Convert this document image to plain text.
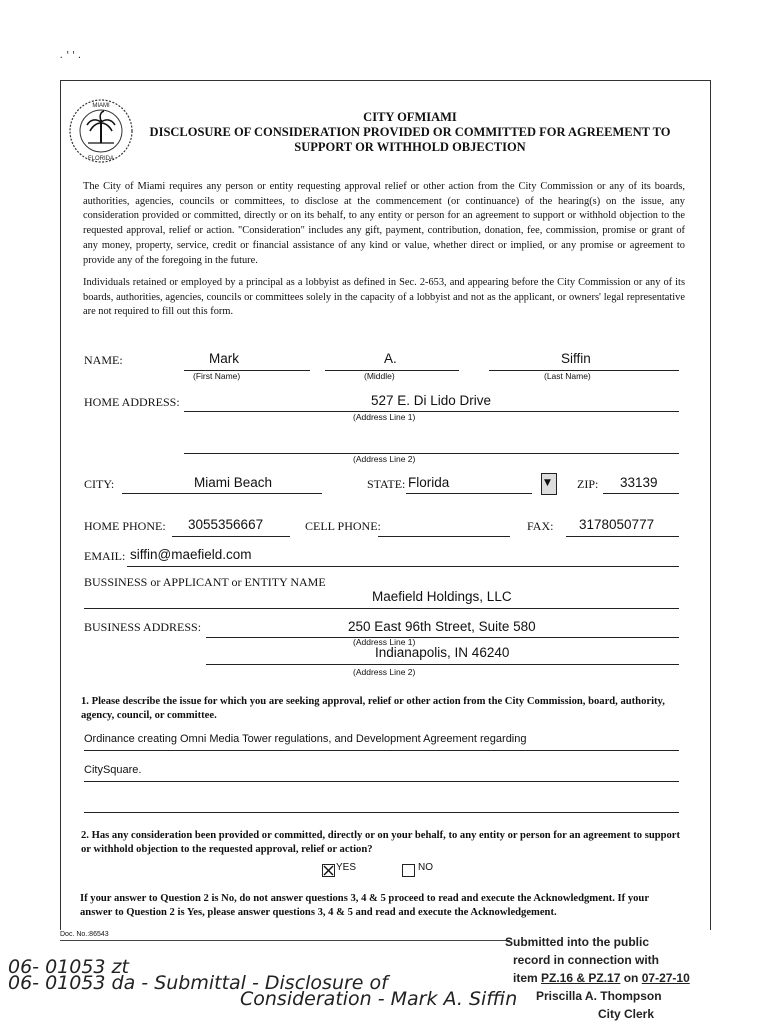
. ' ' .
MIAMI
FLORIDA
CITY OFMIAMI
DISCLOSURE OF CONSIDERATION PROVIDED OR COMMITTED FOR AGREEMENT TO
SUPPORT OR WITHHOLD OBJECTION
The City of Miami requires any person or entity requesting approval relief or other action from the City Commission or any of its boards, authorities, agencies, councils or committees, to disclose at the commencement (or continuance) of the hearing(s) on the issue, any consideration provided or committed, directly or on its behalf, to any entity or person for an agreement to support or withhold objection to the requested approval, relief or action. "Consideration" includes any gift, payment, contribution, donation, fee, commission, promise or grant of any money, property, service, credit or financial assistance of any kind or value, whether direct or implied, or any promise or agreement to provide any of the foregoing in the future.
Individuals retained or employed by a principal as a lobbyist as defined in Sec. 2-653, and appearing before the City Commission or any of its boards, authorities, agencies, councils or committees solely in the capacity of a lobbyist and not as the applicant, or owners' legal representative are not required to fill out this form.
NAME:	Mark	A.	Siffin
(First Name)	(Middle)	(Last Name)
HOME ADDRESS:	527 E. Di Lido Drive
(Address Line 1)
(Address Line 2)
CITY:	Miami Beach	STATE: Florida	▼ ZIP: 33139
HOME PHONE: 3055356667	CELL PHONE:	FAX: 3178050777
EMAIL: siffin@maefield.com
BUSSINESS or APPLICANT or ENTITY NAME
Maefield Holdings, LLC
BUSINESS ADDRESS:	250 East 96th Street, Suite 580
(Address Line 1)
Indianapolis, IN 46240
(Address Line 2)
1. Please describe the issue for which you are seeking approval, relief or other action from the City Commission, board, authority, agency, council, or committee.
Ordinance creating Omni Media Tower regulations, and Development Agreement regarding
CitySquare.
2. Has any consideration been provided or committed, directly or on your behalf, to any entity or person for an agreement to support or withhold objection to the requested approval, relief or action?
YES	NO
If your answer to Question 2 is No, do not answer questions 3, 4 & 5 proceed to read and execute the Acknowledgment. If your answer to Question 2 is Yes, please answer questions 3, 4 & 5 and read and execute the Acknowledgement.
Doc. No.:86543
06- 01053 zt
06- 01053 da - Submittal - Disclosure of
Consideration - Mark A. Siffin
Submitted into the public
record in connection with
item PZ.16 & PZ.17 on 07-27-10
Priscilla A. Thompson
City Clerk
